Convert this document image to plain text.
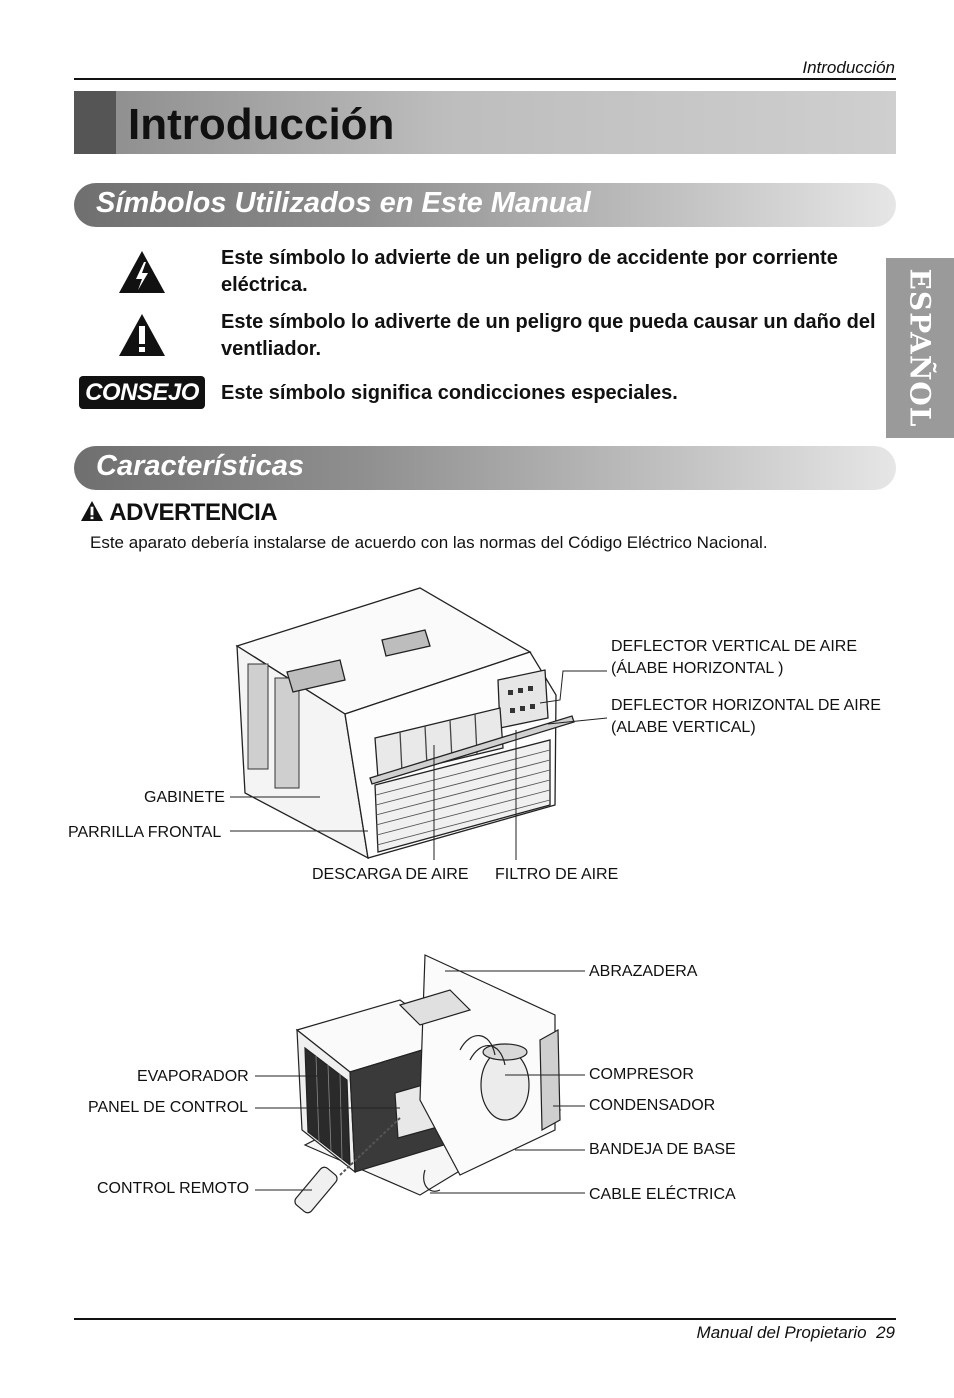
Introducción
Introducción
ESPAÑOL
Símbolos Utilizados en Este Manual
Este símbolo lo advierte de un peligro de accidente por corriente eléctrica.
Este símbolo lo adiverte de un peligro que pueda causar un daño del ventliador.
CONSEJO	Este símbolo significa condicciones especiales.
Características
ADVERTENCIA
Este aparato debería instalarse de acuerdo con las normas del Código Eléctrico Nacional.
DEFLECTOR VERTICAL DE AIRE
(ÁLABE HORIZONTAL )
DEFLECTOR HORIZONTAL DE AIRE
(ALABE VERTICAL)
GABINETE
PARRILLA FRONTAL
DESCARGA DE AIRE FILTRO DE AIRE
ABRAZADERA
EVAPORADOR	COMPRESOR
PANEL DE CONTROL	CONDENSADOR
BANDEJA DE BASE
CONTROL REMOTO	CABLE ELÉCTRICA
Manual del Propietario  29
